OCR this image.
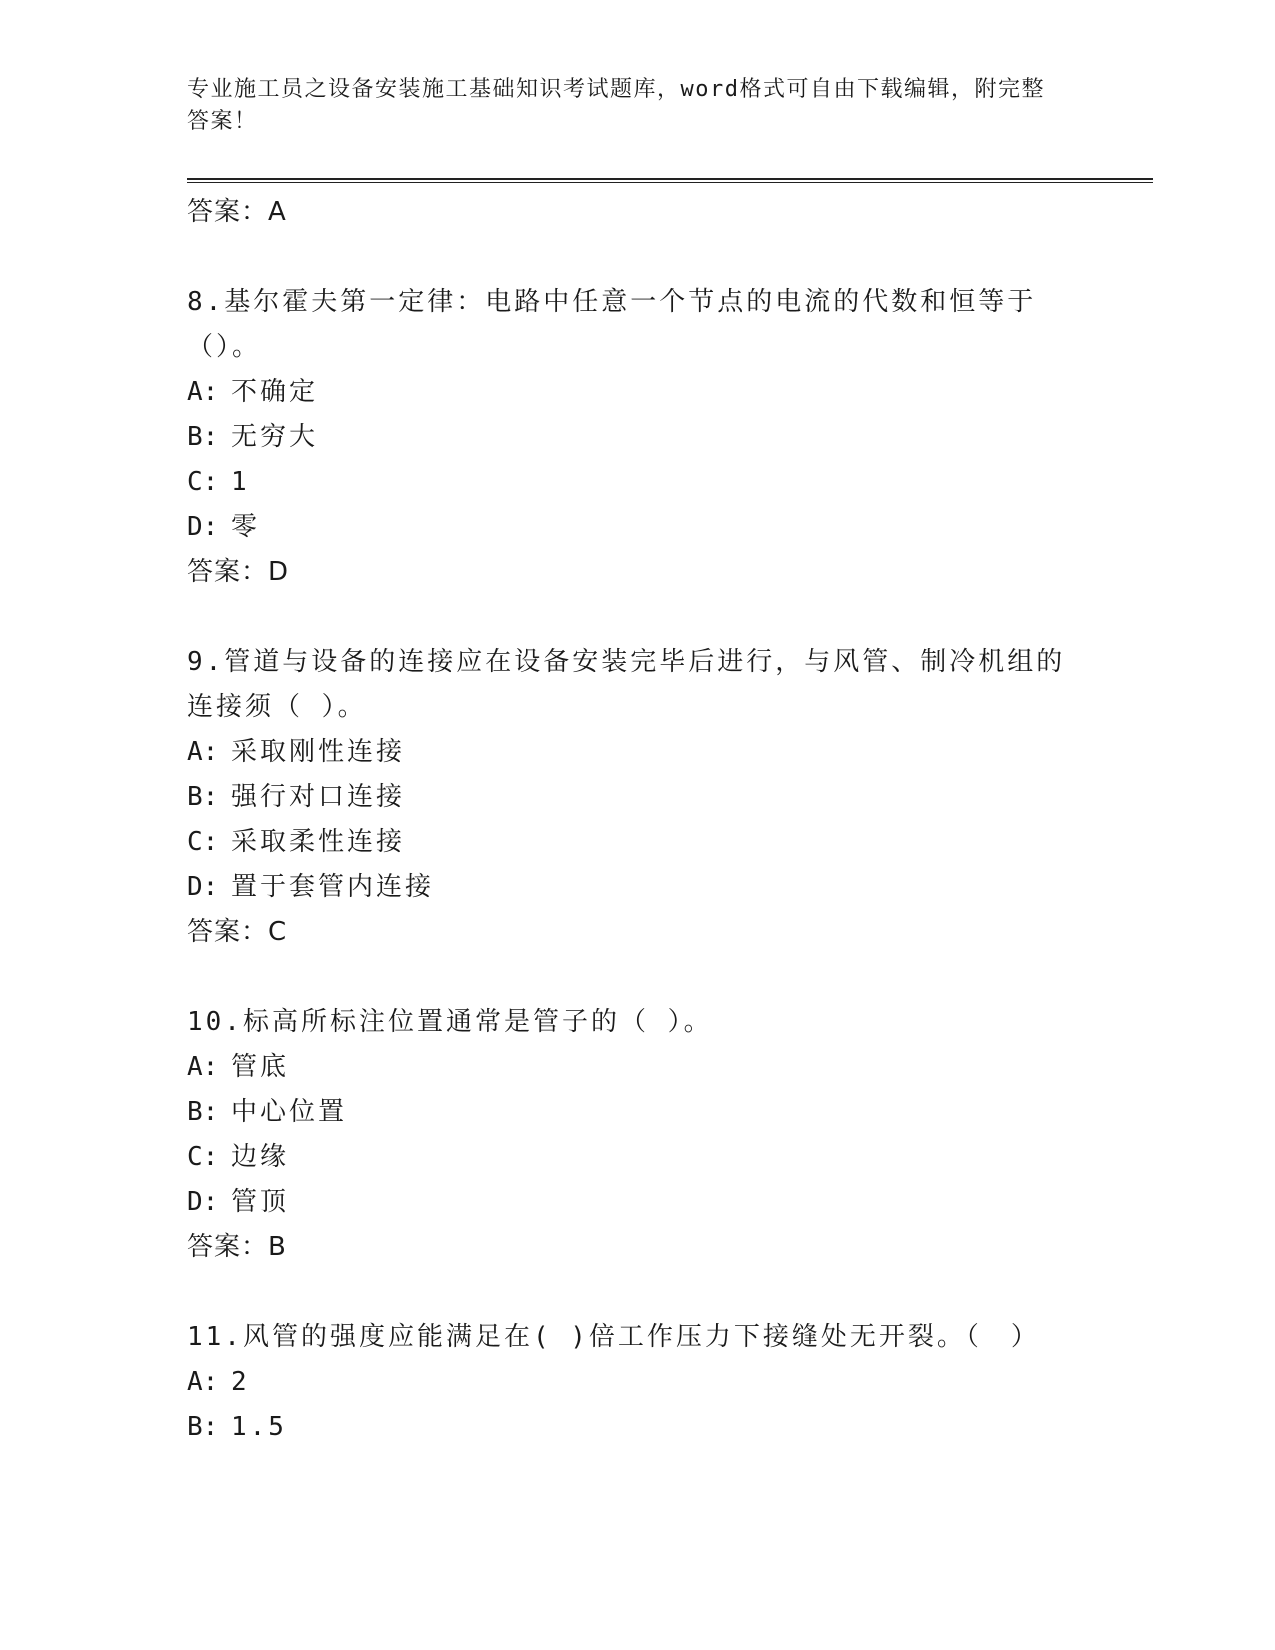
专业施工员之设备安装施工基础知识考试题库，word格式可自由下载编辑，附完整答案！
答案：A
8.基尔霍夫第一定律：电路中任意一个节点的电流的代数和恒等于（）。
A: 不确定
B: 无穷大
C: 1
D: 零
答案：D
9.管道与设备的连接应在设备安装完毕后进行，与风管、制冷机组的连接须（ ）。
A: 采取刚性连接
B: 强行对口连接
C: 采取柔性连接
D: 置于套管内连接
答案：C
10.标高所标注位置通常是管子的（ ）。
A: 管底
B: 中心位置
C: 边缘
D: 管顶
答案：B
11.风管的强度应能满足在( )倍工作压力下接缝处无开裂。（　）
A: 2
B: 1.5
